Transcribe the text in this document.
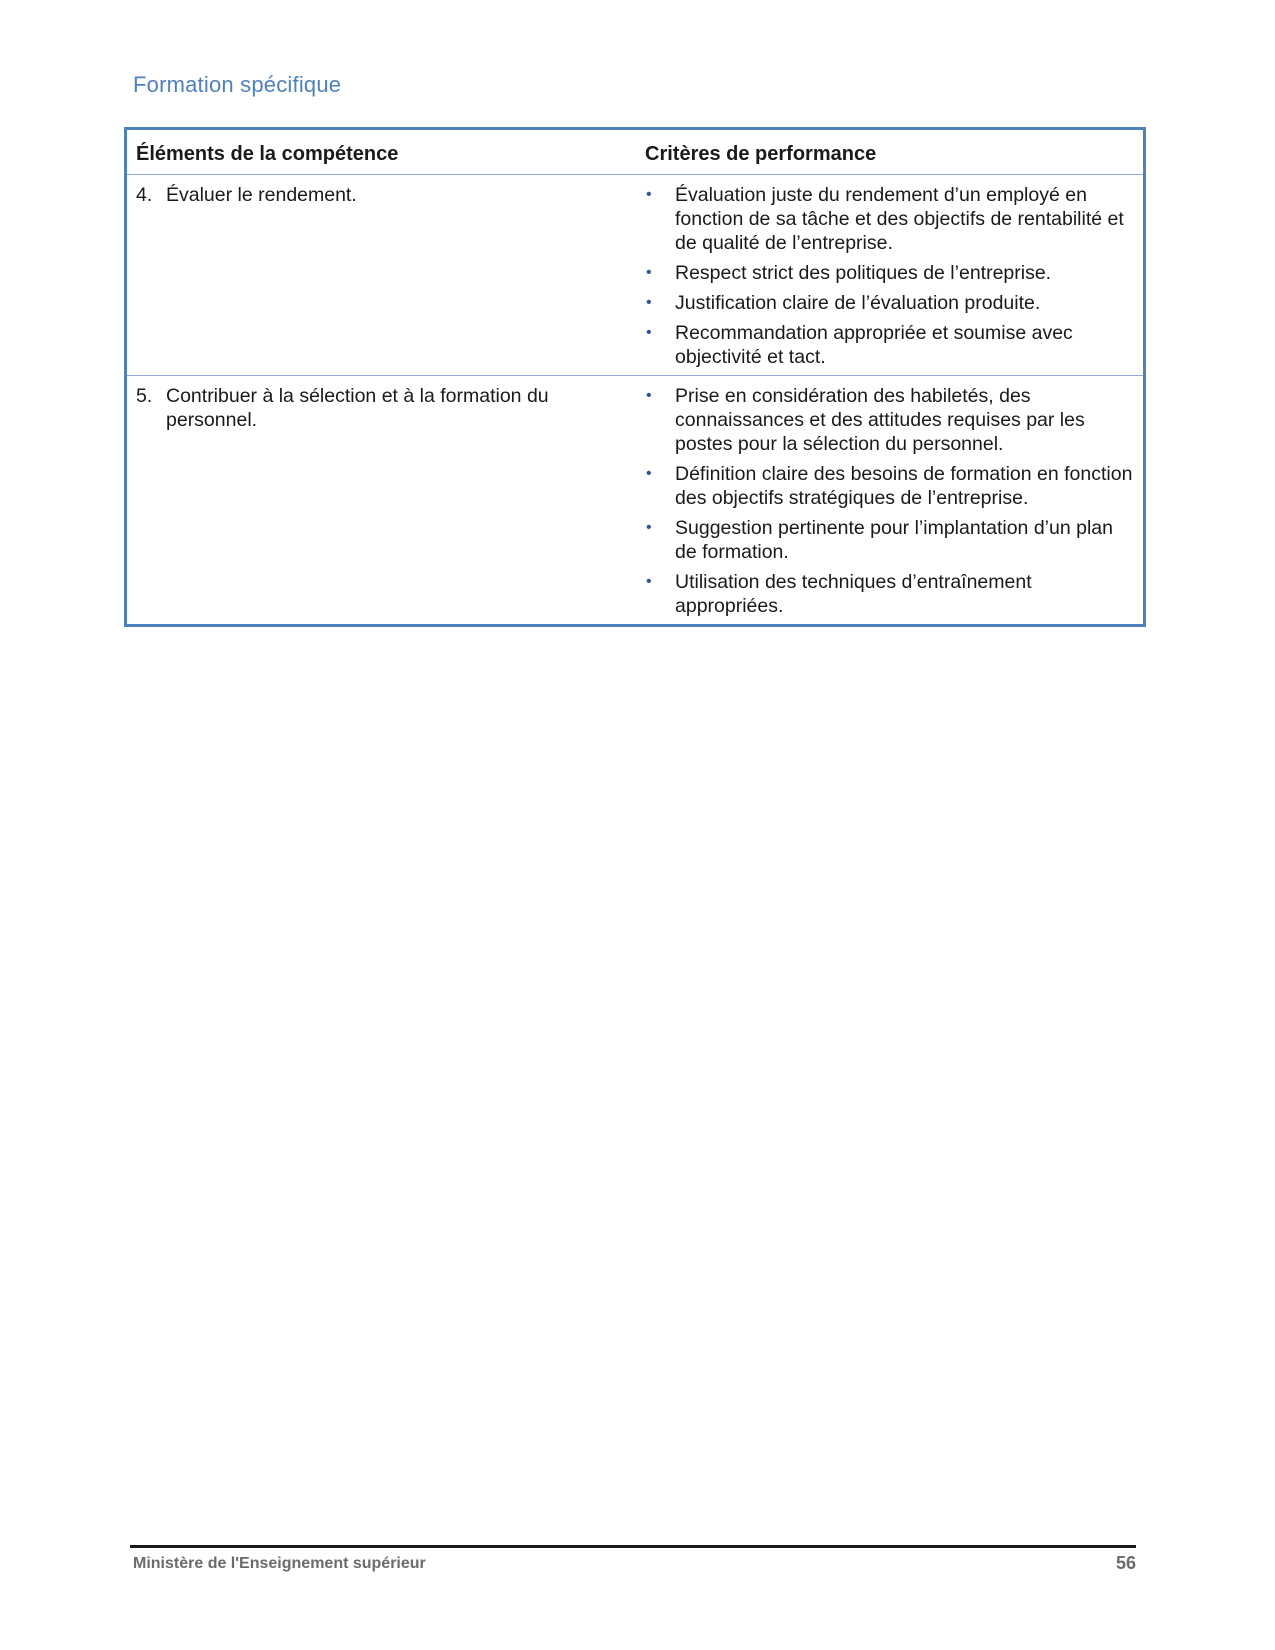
Formation spécifique
Éléments de la compétence	Critères de performance
4. Évaluer le rendement.	•	Évaluation juste du rendement d’un employé en fonction de sa tâche et des objectifs de rentabilité et de qualité de l’entreprise.
•	Respect strict des politiques de l’entreprise.
•	Justification claire de l’évaluation produite.
•	Recommandation appropriée et soumise avec objectivité et tact.
5. Contribuer à la sélection et à la formation du personnel.
•	Prise en considération des habiletés, des connaissances et des attitudes requises par les postes pour la sélection du personnel.
•	Définition claire des besoins de formation en fonction des objectifs stratégiques de l’entreprise.
•	Suggestion pertinente pour l’implantation d’un plan de formation.
•	Utilisation des techniques d’entraînement appropriées.
Ministère de l'Enseignement supérieur	56
